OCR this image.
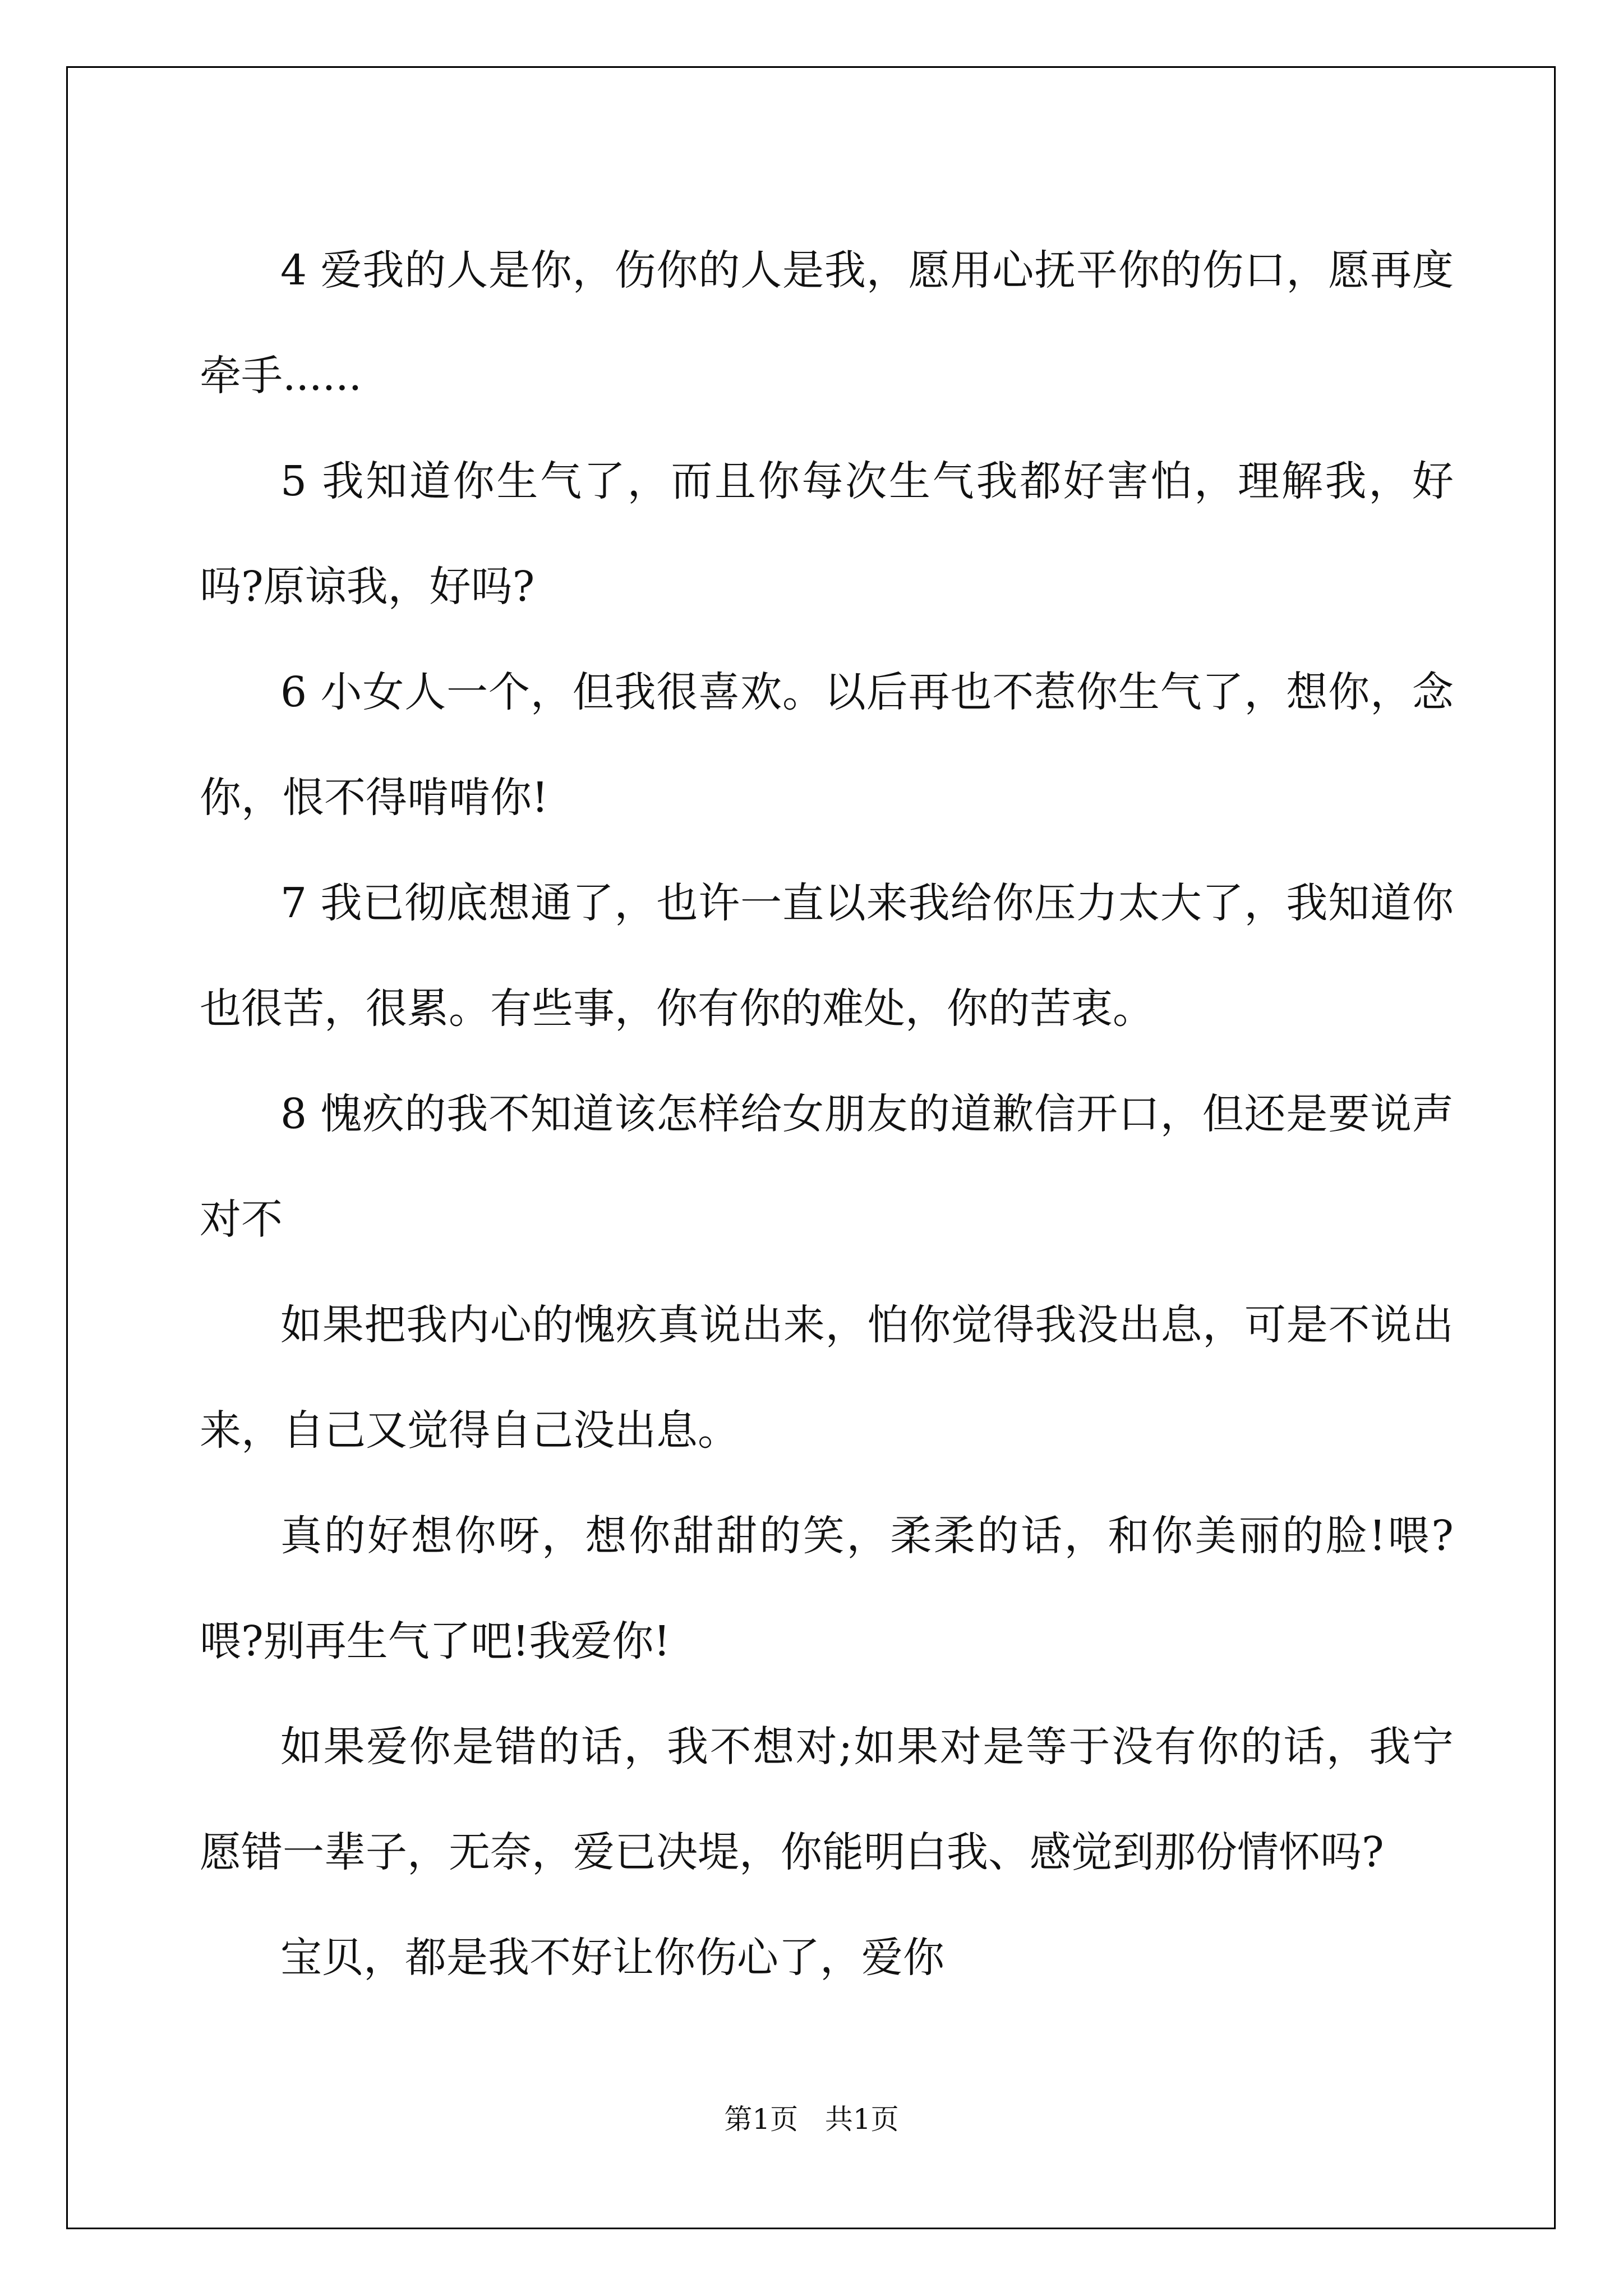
4 爱我的人是你，伤你的人是我，愿用心抚平你的伤口，愿再度牵手......

5 我知道你生气了，而且你每次生气我都好害怕，理解我，好吗?原谅我，好吗?

6 小女人一个，但我很喜欢。以后再也不惹你生气了，想你，念你，恨不得啃啃你!

7 我已彻底想通了，也许一直以来我给你压力太大了，我知道你也很苦，很累。有些事，你有你的难处，你的苦衷。

8 愧疚的我不知道该怎样给女朋友的道歉信开口，但还是要说声对不

如果把我内心的愧疚真说出来，怕你觉得我没出息，可是不说出来，自己又觉得自己没出息。

真的好想你呀，想你甜甜的笑，柔柔的话，和你美丽的脸!喂?喂?别再生气了吧!我爱你!

如果爱你是错的话，我不想对;如果对是等于没有你的话，我宁愿错一辈子，无奈，爱已决堤，你能明白我、感觉到那份情怀吗?

宝贝，都是我不好让你伤心了，爱你

第1页   共1页
